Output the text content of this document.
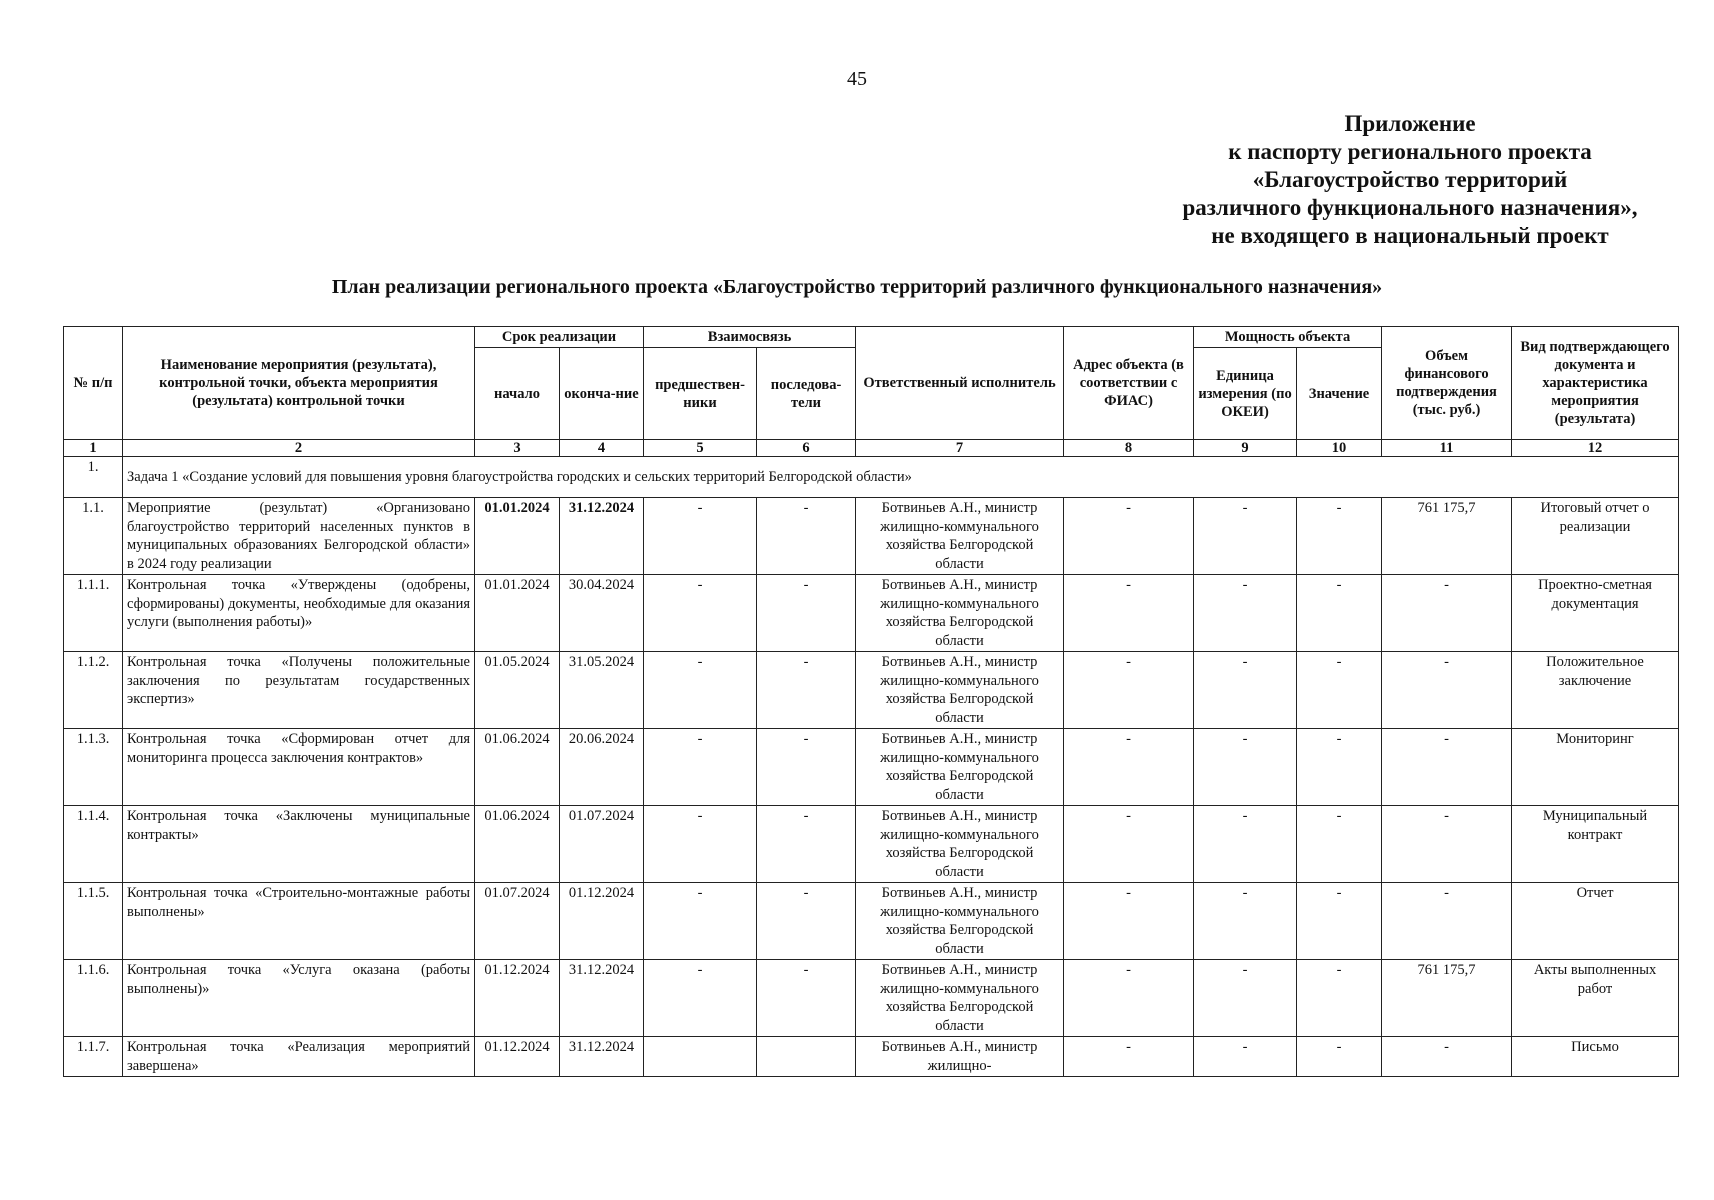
45
Приложение
к паспорту регионального проекта
«Благоустройство территорий
различного функционального назначения»,
не входящего в национальный проект
План реализации регионального проекта «Благоустройство территорий различного функционального назначения»
№ п/п	Наименование мероприятия (результата), контрольной точки, объекта мероприятия (результата) контрольной точки	Срок реализации		Взаимосвязь		Ответственный исполнитель	Адрес объекта (в соответствии с ФИАС)	Мощность объекта		Объем финансового подтверждения (тыс. руб.)	Вид подтверждающего документа и характеристика мероприятия (результата)
		начало	оконча-ние	предшествен-ники	последова-тели			Единица измерения (по ОКЕИ)	Значение		
1	2	3	4	5	6	7	8	9	10	11	12
1.	Задача 1 «Создание условий для повышения уровня благоустройства городских и сельских территорий Белгородской области»										
1.1.	Мероприятие (результат) «Организовано благоустройство территорий населенных пунктов в муниципальных образованиях Белгородской области» в 2024 году реализации	01.01.2024	31.12.2024	-	-	Ботвиньев А.Н., министр жилищно-коммунального хозяйства Белгородской области	-	-	-	761 175,7	Итоговый отчет о реализации
1.1.1.	Контрольная точка «Утверждены (одобрены, сформированы) документы, необходимые для оказания услуги (выполнения работы)»	01.01.2024	30.04.2024	-	-	Ботвиньев А.Н., министр жилищно-коммунального хозяйства Белгородской области	-	-	-	-	Проектно-сметная документация
1.1.2.	Контрольная точка «Получены положительные заключения по результатам государственных экспертиз»	01.05.2024	31.05.2024	-	-	Ботвиньев А.Н., министр жилищно-коммунального хозяйства Белгородской области	-	-	-	-	Положительное заключение
1.1.3.	Контрольная точка «Сформирован отчет для мониторинга процесса заключения контрактов»	01.06.2024	20.06.2024	-	-	Ботвиньев А.Н., министр жилищно-коммунального хозяйства Белгородской области	-	-	-	-	Мониторинг
1.1.4.	Контрольная точка «Заключены муниципальные контракты»	01.06.2024	01.07.2024	-	-	Ботвиньев А.Н., министр жилищно-коммунального хозяйства Белгородской области	-	-	-	-	Муниципальный контракт
1.1.5.	Контрольная точка «Строительно-монтажные работы выполнены»	01.07.2024	01.12.2024	-	-	Ботвиньев А.Н., министр жилищно-коммунального хозяйства Белгородской области	-	-	-	-	Отчет
1.1.6.	Контрольная точка «Услуга оказана (работы выполнены)»	01.12.2024	31.12.2024	-	-	Ботвиньев А.Н., министр жилищно-коммунального хозяйства Белгородской области	-	-	-	761 175,7	Акты выполненных работ
1.1.7.	Контрольная точка «Реализация мероприятий завершена»	01.12.2024	31.12.2024			Ботвиньев А.Н., министр жилищно-	-	-	-	-	Письмо
